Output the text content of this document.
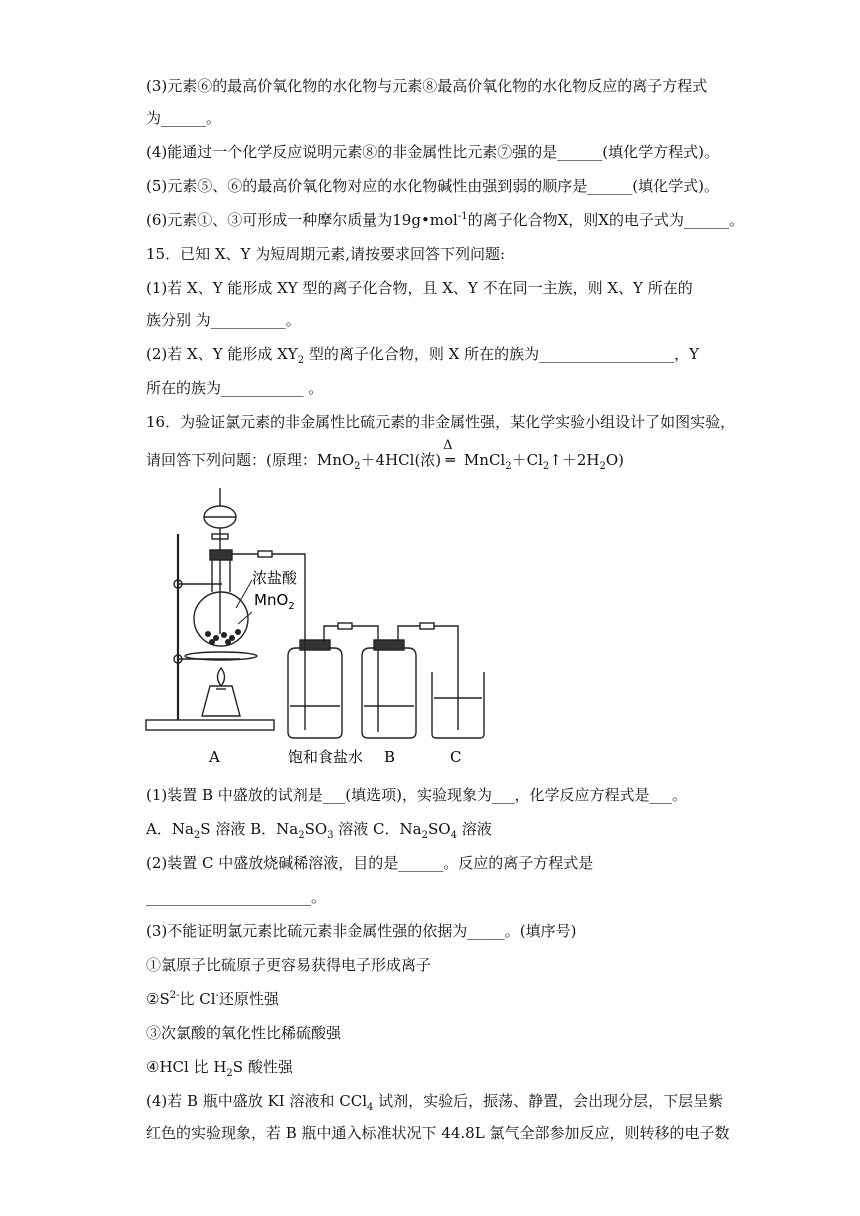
(3)元素⑥的最高价氧化物的水化物与元素⑧最高价氧化物的水化物反应的离子方程式
为______。
(4)能通过一个化学反应说明元素⑧的非金属性比元素⑦强的是______(填化学方程式)。
(5)元素⑤、⑥的最高价氧化物对应的水化物碱性由强到弱的顺序是______(填化学式)。
(6)元素①、③可形成一种摩尔质量为19g•mol$^{-1}$的离子化合物X，则X的电子式为______。
15．已知 X、Y 为短周期元素,请按要求回答下列问题:
(1)若 X、Y 能形成 XY 型的离子化合物，且 X、Y 不在同一主族，则 X、Y 所在的
族分别 为__________。
(2)若 X、Y 能形成 $XY_2$ 型的离子化合物，则 X 所在的族为__________________，Y
所在的族为___________ 。
16．为验证氯元素的非金属性比硫元素的非金属性强，某化学实验小组设计了如图实验，
请回答下列问题：(原理：MnO$_2$＋4HCl(浓)
Δ
═ $MnCl_2+Cl_2↑+2H_2O$)
浓盐酸
MnO$_2$
A	饱和食盐水 B	C
(1)装置 B 中盛放的试剂是___(填选项)，实验现象为___，化学反应方程式是___。
A．$Na_2S$ 溶液 B．$Na_2SO_3$ 溶液 C．$Na_2SO_4$ 溶液
(2)装置 C 中盛放烧碱稀溶液，目的是______。反应的离子方程式是
______________________。
(3)不能证明氯元素比硫元素非金属性强的依据为_____。(填序号)
①氯原子比硫原子更容易获得电子形成离子
$②S^{2-}$比 Cl-还原性强
③次氯酸的氧化性比稀硫酸强
④HCl 比 $H_2S$ 酸性强
(4)若 B 瓶中盛放 KI 溶液和 CCl$_4$ 试剂，实验后，振荡、静置，会出现分层，下层呈紫
红色的实验现象，若 B 瓶中通入标准状况下 44.8L 氯气全部参加反应，则转移的电子数
